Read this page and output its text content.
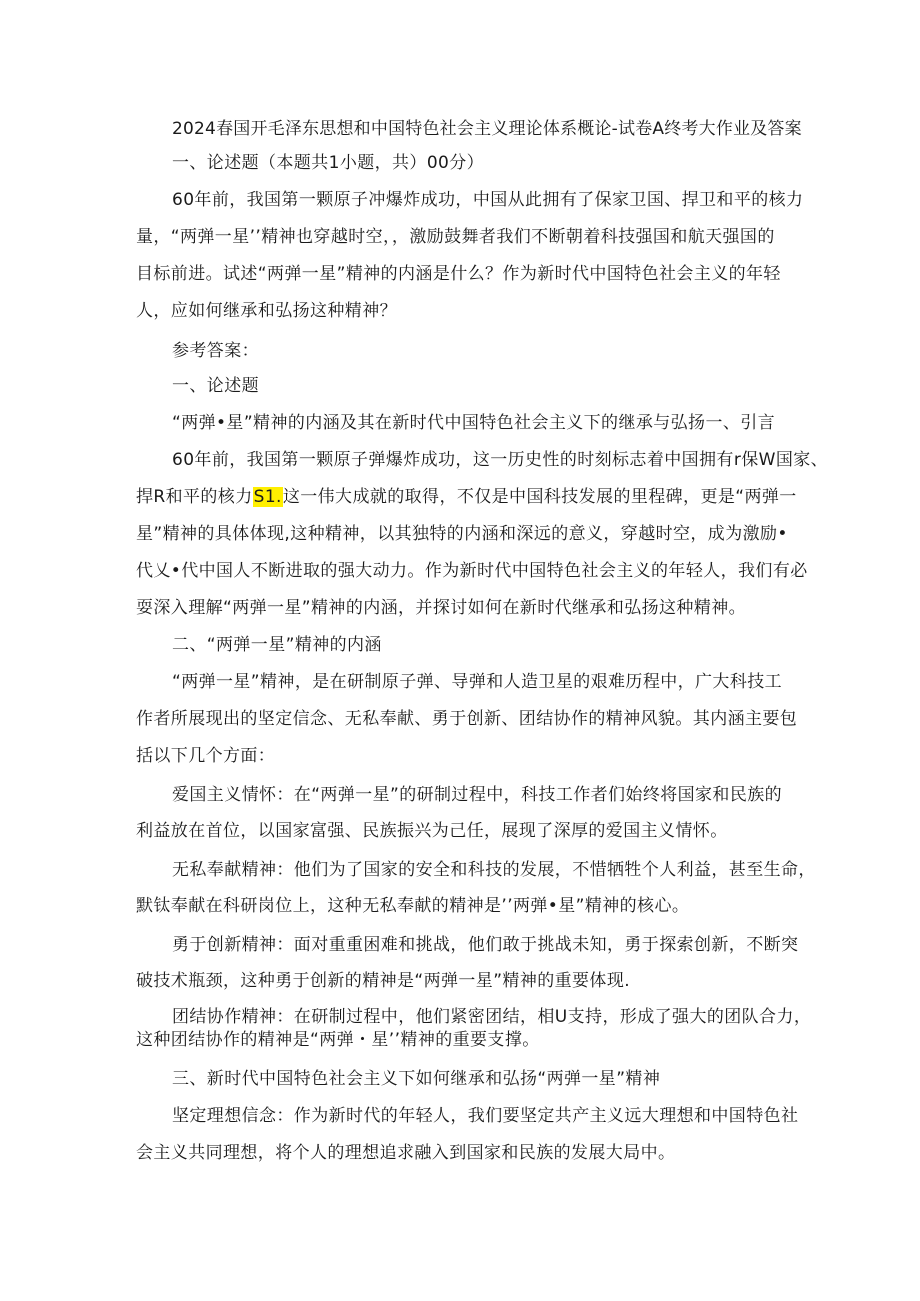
2024春国开毛泽东思想和中国特色社会主义理论体系概论-试卷A终考大作业及答案
一、论述题（本题共1小题，共）00分）
60年前，我国第一颗原子冲爆炸成功，中国从此拥有了保家卫国、捍卫和平的核力
量，“两弹一星’’精神也穿越时空，，激励鼓舞者我们不断朝着科技强国和航天强国的
目标前进。试述“两弹一星”精神的内涵是什么？作为新时代中国特色社会主义的年轻
人，应如何继承和弘扬这种精神？
参考答案：
一、论述题
“两弹•星”精神的内涵及其在新时代中国特色社会主义下的继承与弘扬一、引言
60年前，我国第一颗原子弹爆炸成功，这一历史性的时刻标志着中国拥有r保W国家、
捍R和平的核力S1.这一伟大成就的取得，不仅是中国科技发展的里程碑，更是“两弹一
星”精神的具体体现,这种精神，以其独特的内涵和深远的意义，穿越时空，成为激励•
代乂•代中国人不断进取的强大动力。作为新时代中国特色社会主义的年轻人，我们有必
耍深入理解“两弹一星”精神的内涵，并探讨如何在新时代继承和弘扬这种精神。
二、“两弹一星”精神的内涵
“两弹一星”精神，是在研制原子弹、导弹和人造卫星的艰难历程中，广大科技工
作者所展现出的坚定信念、无私奉献、勇于创新、团结协作的精神风貌。其内涵主要包
括以下几个方面：
爱国主义情怀：在“两弹一星”的研制过程中，科技工作者们始终将国家和民族的
利益放在首位，以国家富强、民族振兴为己任，展现了深厚的爱国主义情怀。
无私奉献精神：他们为了国家的安全和科技的发展，不惜牺牲个人利益，甚至生命，
默钛奉献在科研岗位上，这种无私奉献的精神是’’两弹•星”精神的核心。
勇于创新精神：面对重重困难和挑战，他们敢于挑战未知，勇于探索创新，不断突
破技术瓶颈，这种勇于创新的精神是“两弹一星”精神的重要体现.
团结协作精神：在研制过程中，他们紧密团结，相U支持，形成了强大的团队合力，
这种团结协作的精神是“两弹・星’’精神的重要支撑。
三、新时代中国特色社会主义下如何继承和弘扬“两弹一星”精神
坚定理想信念：作为新时代的年轻人，我们要坚定共产主义远大理想和中国特色社
会主义共同理想，将个人的理想追求融入到国家和民族的发展大局中。
